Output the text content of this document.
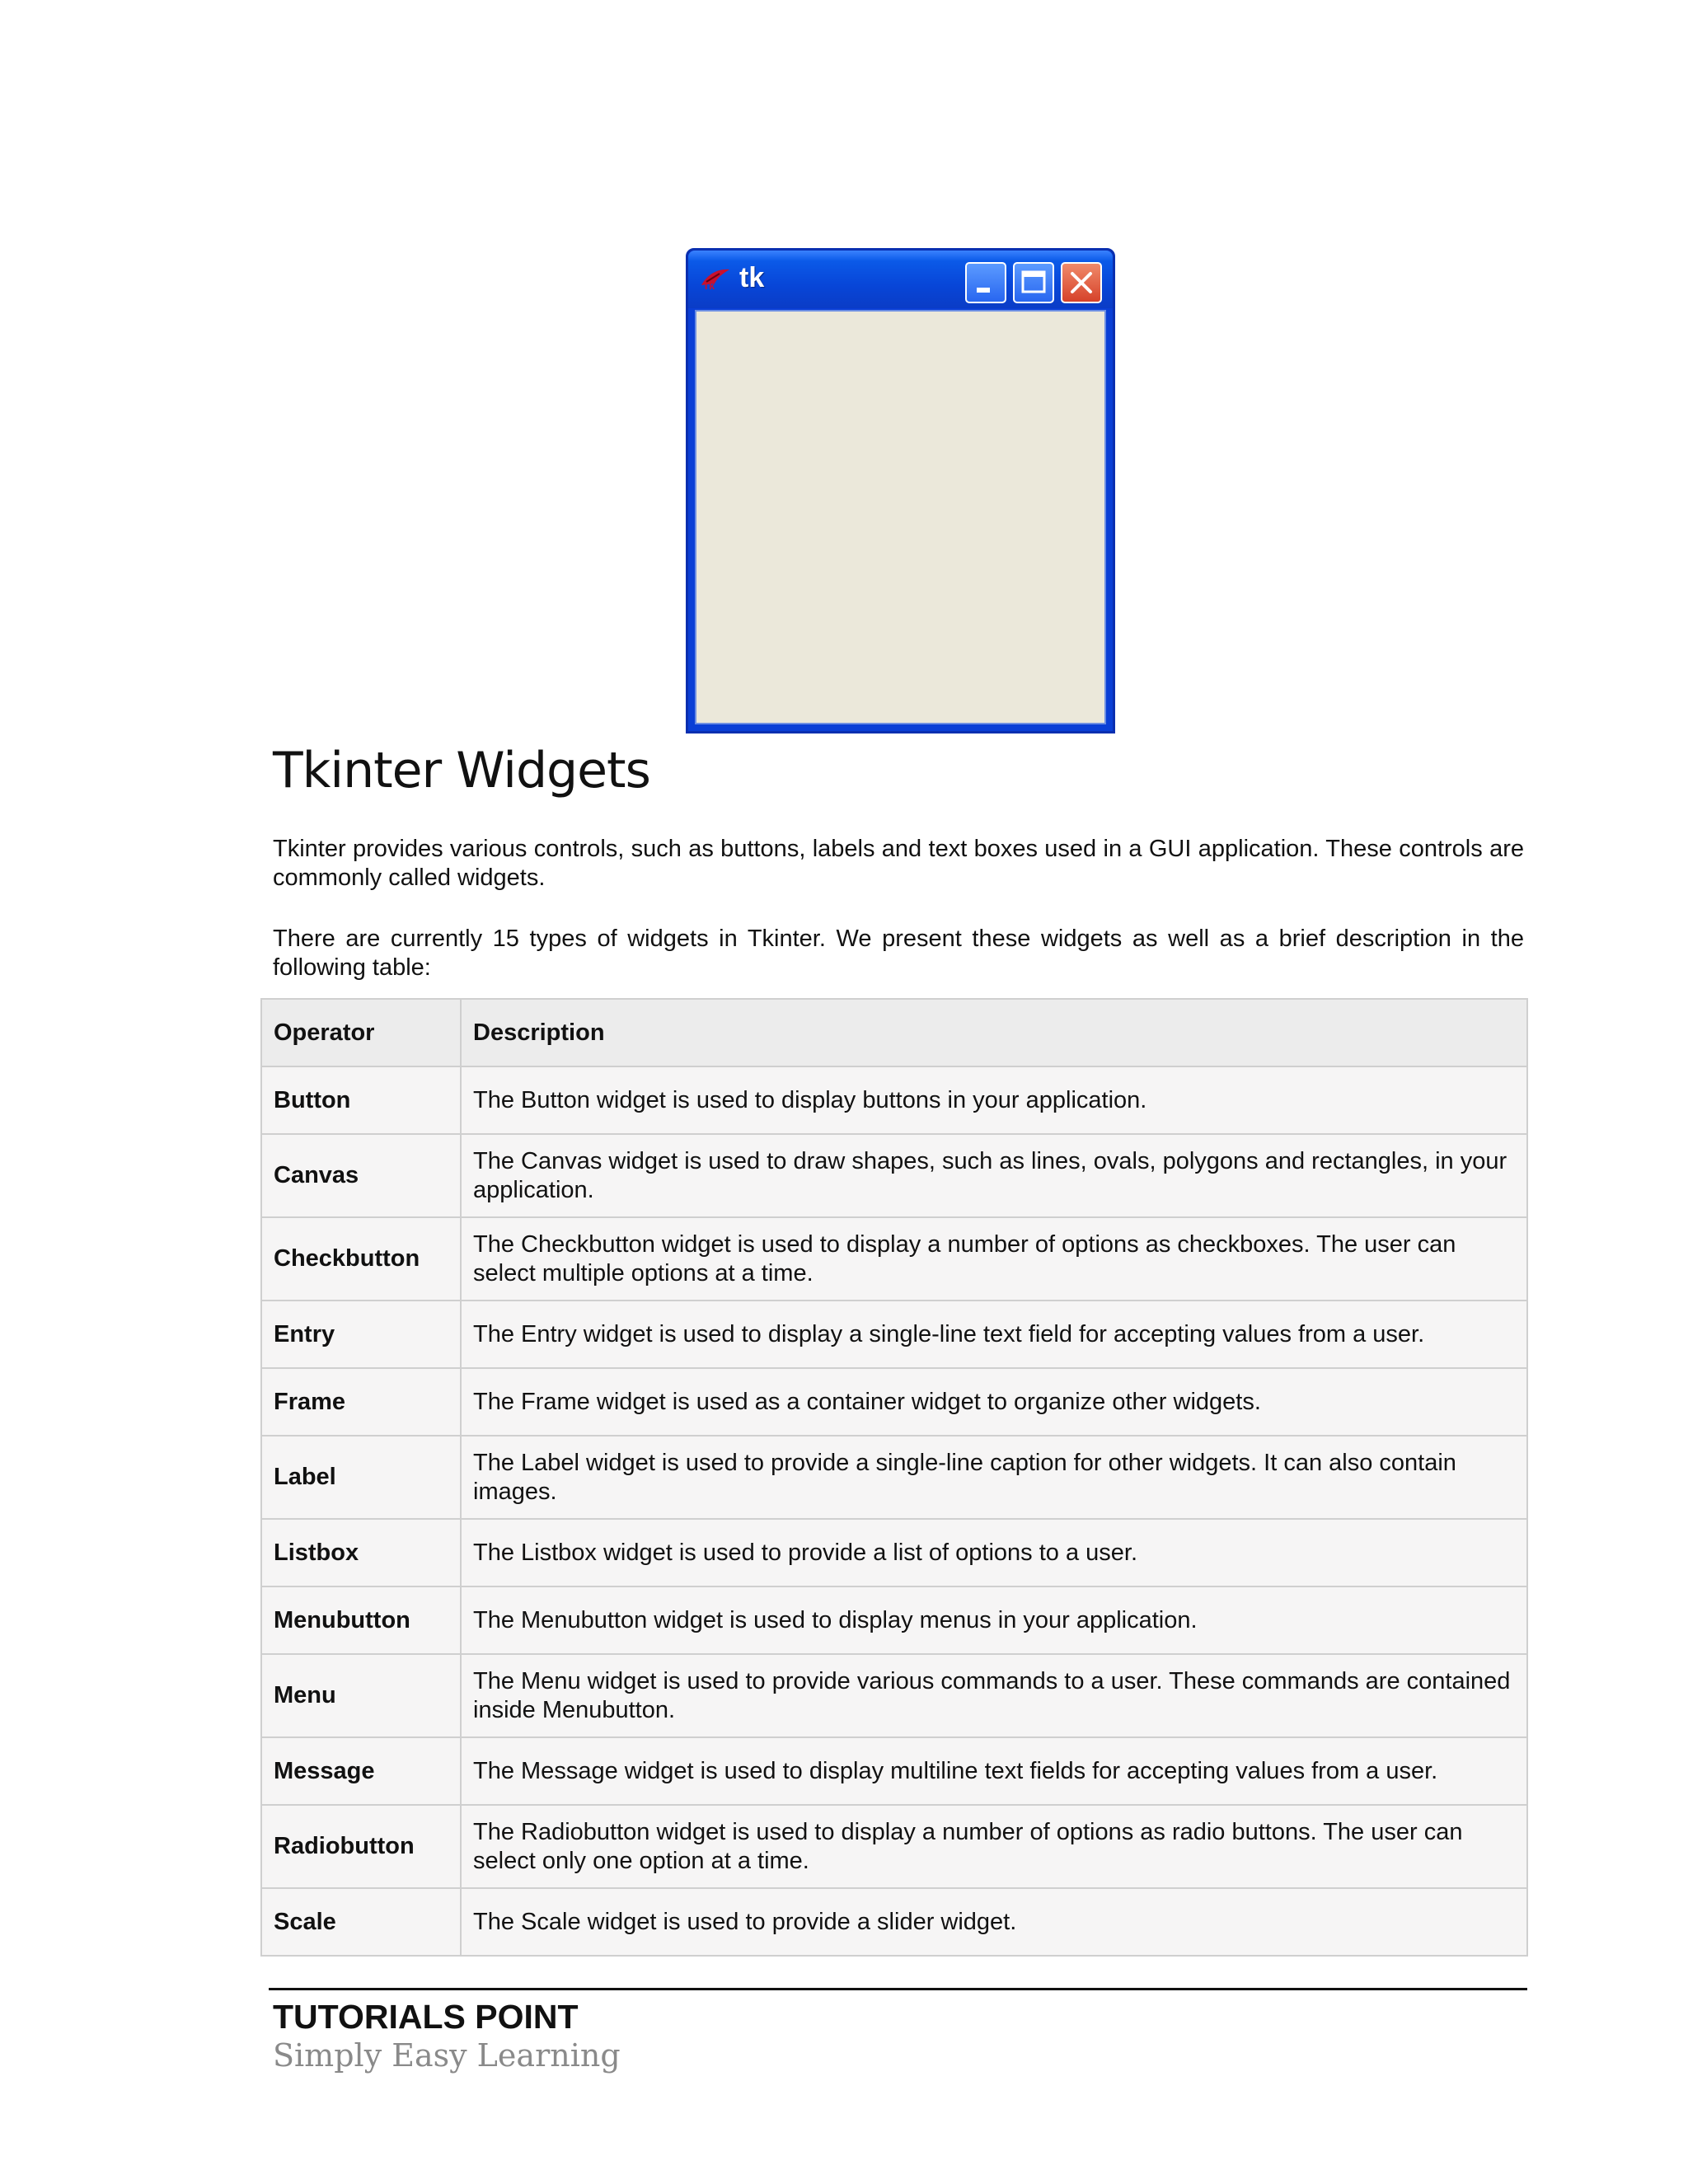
Tk tk
Tkinter Widgets

Tkinter provides various controls, such as buttons, labels and text boxes used in a GUI application. These controls are commonly called widgets.

There are currently 15 types of widgets in Tkinter. We present these widgets as well as a brief description in the following table:

Operator	Description
Button	The Button widget is used to display buttons in your application.
Canvas	The Canvas widget is used to draw shapes, such as lines, ovals, polygons and rectangles, in your application.
Checkbutton	The Checkbutton widget is used to display a number of options as checkboxes. The user can select multiple options at a time.
Entry	The Entry widget is used to display a single-line text field for accepting values from a user.
Frame	The Frame widget is used as a container widget to organize other widgets.
Label	The Label widget is used to provide a single-line caption for other widgets. It can also contain images.
Listbox	The Listbox widget is used to provide a list of options to a user.
Menubutton	The Menubutton widget is used to display menus in your application.
Menu	The Menu widget is used to provide various commands to a user. These commands are contained inside Menubutton.
Message	The Message widget is used to display multiline text fields for accepting values from a user.
Radiobutton	The Radiobutton widget is used to display a number of options as radio buttons. The user can select only one option at a time.
Scale	The Scale widget is used to provide a slider widget.

TUTORIALS POINT

Simply Easy Learning
